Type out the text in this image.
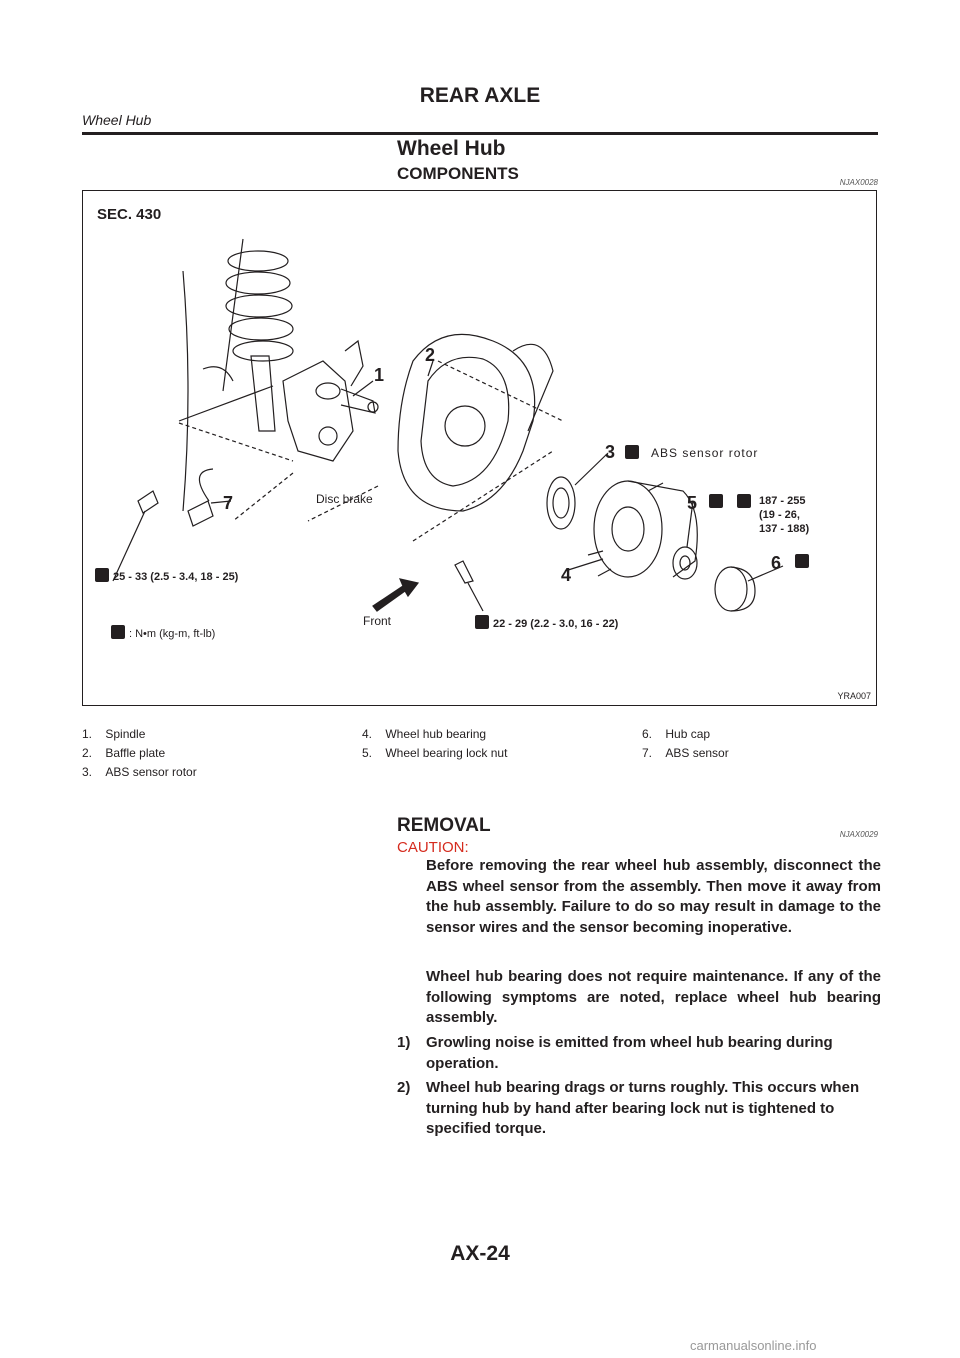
REAR AXLE
Wheel Hub
Wheel Hub
COMPONENTS	NJAX0028
1
2
3
4
5
6
7
SEC. 430
Disc brake
ABS sensor rotor
Front
187 - 255
(19 - 26,
137 - 188)
25 - 33 (2.5 - 3.4, 18 - 25)
22 - 29 (2.2 - 3.0, 16 - 22)
: N•m (kg-m, ft-lb)
YRA007
1. Spindle
2. Baffle plate
3. ABS sensor rotor
4. Wheel hub bearing
5. Wheel bearing lock nut
6. Hub cap
7. ABS sensor
REMOVAL	NJAX0029
CAUTION:
Before removing the rear wheel hub assembly, disconnect the ABS wheel sensor from the assembly. Then move it away from the hub assembly. Failure to do so may result in damage to the sensor wires and the sensor becoming inoperative.
Wheel hub bearing does not require maintenance. If any of the following symptoms are noted, replace wheel hub bearing assembly.
1)	Growling noise is emitted from wheel hub bearing during operation.
2)	Wheel hub bearing drags or turns roughly. This occurs when turning hub by hand after bearing lock nut is tightened to specified torque.
AX-24
carmanualsonline.info
